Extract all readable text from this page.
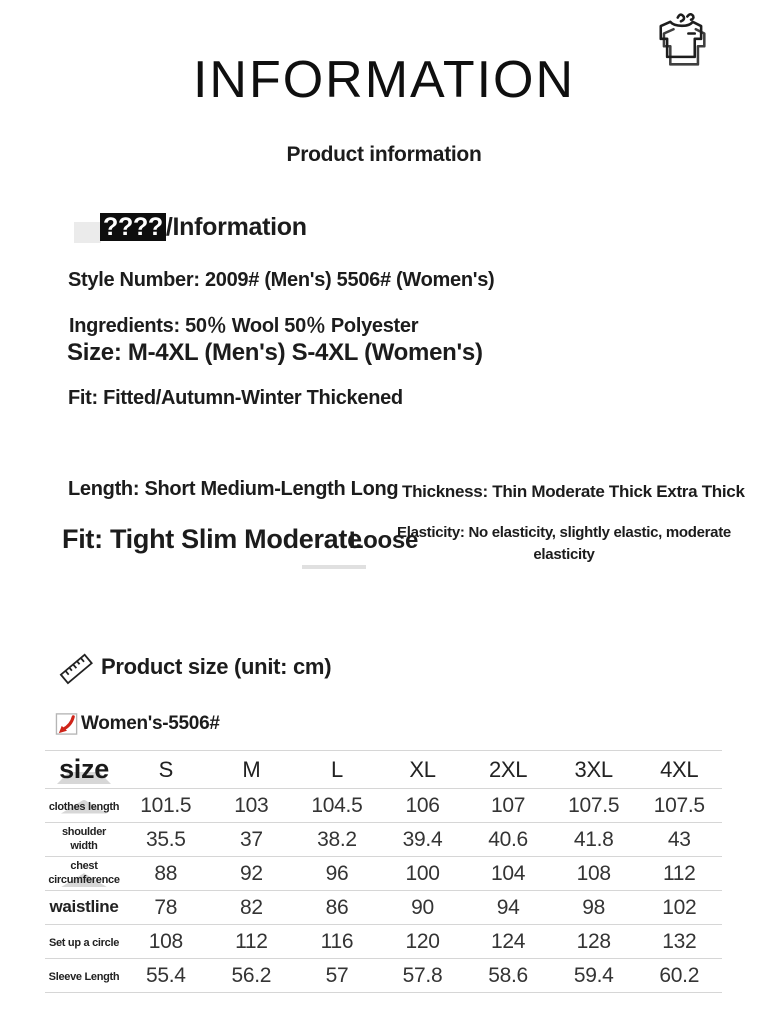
INFORMATION
Product information
???? /Information
Style Number: 2009# (Men's) 5506# (Women's)
Ingredients: 50％ Wool 50％ Polyester
Size: M-4XL (Men's) S-4XL (Women's)
Fit: Fitted/Autumn-Winter Thickened
Length: Short Medium-Length Long Thickness: Thin Moderate Thick Extra Thick
Fit: Tight Slim ModerateLoose
Elasticity: No elasticity, slightly elastic, moderate elasticity
Product size (unit: cm)
Women's-5506#
size	S	M	L	XL	2XL	3XL	4XL
clothes length	101.5	103	104.5	106	107	107.5	107.5
shoulder width	35.5	37	38.2	39.4	40.6	41.8	43
chest circumference	88	92	96	100	104	108	112
waistline	78	82	86	90	94	98	102
Set up a circle	108	112	116	120	124	128	132
Sleeve Length	55.4	56.2	57	57.8	58.6	59.4	60.2
